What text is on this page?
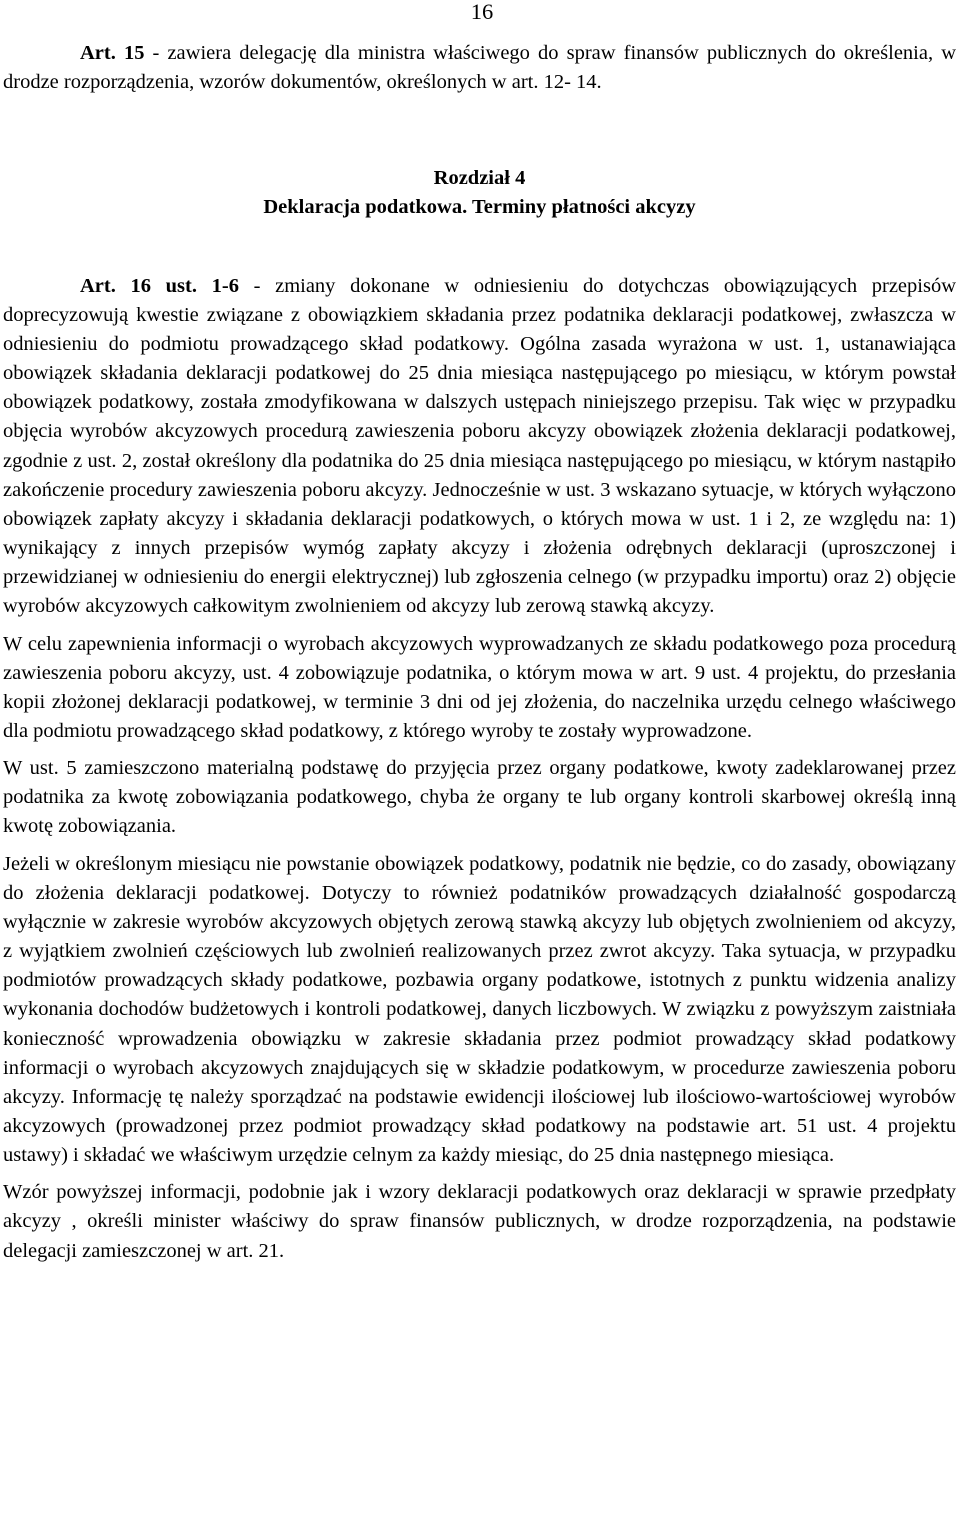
16

Art. 15 - zawiera delegację dla ministra właściwego do spraw finansów publicznych do określenia, w drodze rozporządzenia, wzorów dokumentów, określonych w art. 12- 14.

Rozdział 4

Deklaracja podatkowa. Terminy płatności akcyzy

Art. 16 ust. 1-6 - zmiany dokonane w odniesieniu do dotychczas obowiązujących przepisów doprecyzowują kwestie związane z obowiązkiem składania przez podatnika deklaracji podatkowej, zwłaszcza w odniesieniu do podmiotu prowadzącego skład podatkowy. Ogólna zasada wyrażona w ust. 1, ustanawiająca obowiązek składania deklaracji podatkowej do 25 dnia miesiąca następującego po miesiącu, w którym powstał obowiązek podatkowy, została zmodyfikowana w dalszych ustępach niniejszego przepisu. Tak więc w przypadku objęcia wyrobów akcyzowych procedurą zawieszenia poboru akcyzy obowiązek złożenia deklaracji podatkowej, zgodnie z ust. 2, został określony dla podatnika do 25 dnia miesiąca następującego po miesiącu, w którym nastąpiło zakończenie procedury zawieszenia poboru akcyzy. Jednocześnie w ust. 3 wskazano sytuacje, w których wyłączono obowiązek zapłaty akcyzy i składania deklaracji podatkowych, o których mowa w ust. 1 i 2, ze względu na: 1) wynikający z innych przepisów wymóg zapłaty akcyzy i złożenia odrębnych deklaracji (uproszczonej i przewidzianej w odniesieniu do energii elektrycznej) lub zgłoszenia celnego (w przypadku importu) oraz 2) objęcie wyrobów akcyzowych całkowitym zwolnieniem od akcyzy lub zerową stawką akcyzy.

W celu zapewnienia informacji o wyrobach akcyzowych wyprowadzanych ze składu podatkowego poza procedurą zawieszenia poboru akcyzy, ust. 4 zobowiązuje podatnika, o którym mowa w art. 9 ust. 4 projektu, do przesłania kopii złożonej deklaracji podatkowej, w terminie 3 dni od jej złożenia, do naczelnika urzędu celnego właściwego dla podmiotu prowadzącego skład podatkowy, z którego wyroby te zostały wyprowadzone.

W ust. 5 zamieszczono materialną podstawę do przyjęcia przez organy podatkowe, kwoty zadeklarowanej przez podatnika za kwotę zobowiązania podatkowego, chyba że organy te lub organy kontroli skarbowej określą inną kwotę zobowiązania.

Jeżeli w określonym miesiącu nie powstanie obowiązek podatkowy, podatnik nie będzie, co do zasady, obowiązany do złożenia deklaracji podatkowej. Dotyczy to również podatników prowadzących działalność gospodarczą wyłącznie w zakresie wyrobów akcyzowych objętych zerową stawką akcyzy lub objętych zwolnieniem od akcyzy, z wyjątkiem zwolnień częściowych lub zwolnień realizowanych przez zwrot akcyzy. Taka sytuacja, w przypadku podmiotów prowadzących składy podatkowe, pozbawia organy podatkowe, istotnych z punktu widzenia analizy wykonania dochodów budżetowych i kontroli podatkowej, danych liczbowych. W związku z powyższym zaistniała konieczność wprowadzenia obowiązku w zakresie składania przez podmiot prowadzący skład podatkowy informacji o wyrobach akcyzowych znajdujących się w składzie podatkowym, w procedurze zawieszenia poboru akcyzy. Informację tę należy sporządzać na podstawie ewidencji ilościowej lub ilościowo-wartościowej wyrobów akcyzowych (prowadzonej przez podmiot prowadzący skład podatkowy na podstawie art. 51 ust. 4 projektu ustawy) i składać we właściwym urzędzie celnym za każdy miesiąc, do 25 dnia następnego miesiąca.

Wzór powyższej informacji, podobnie jak i wzory deklaracji podatkowych oraz deklaracji w sprawie przedpłaty akcyzy , określi minister właściwy do spraw finansów publicznych, w drodze rozporządzenia, na podstawie delegacji zamieszczonej w art. 21.
